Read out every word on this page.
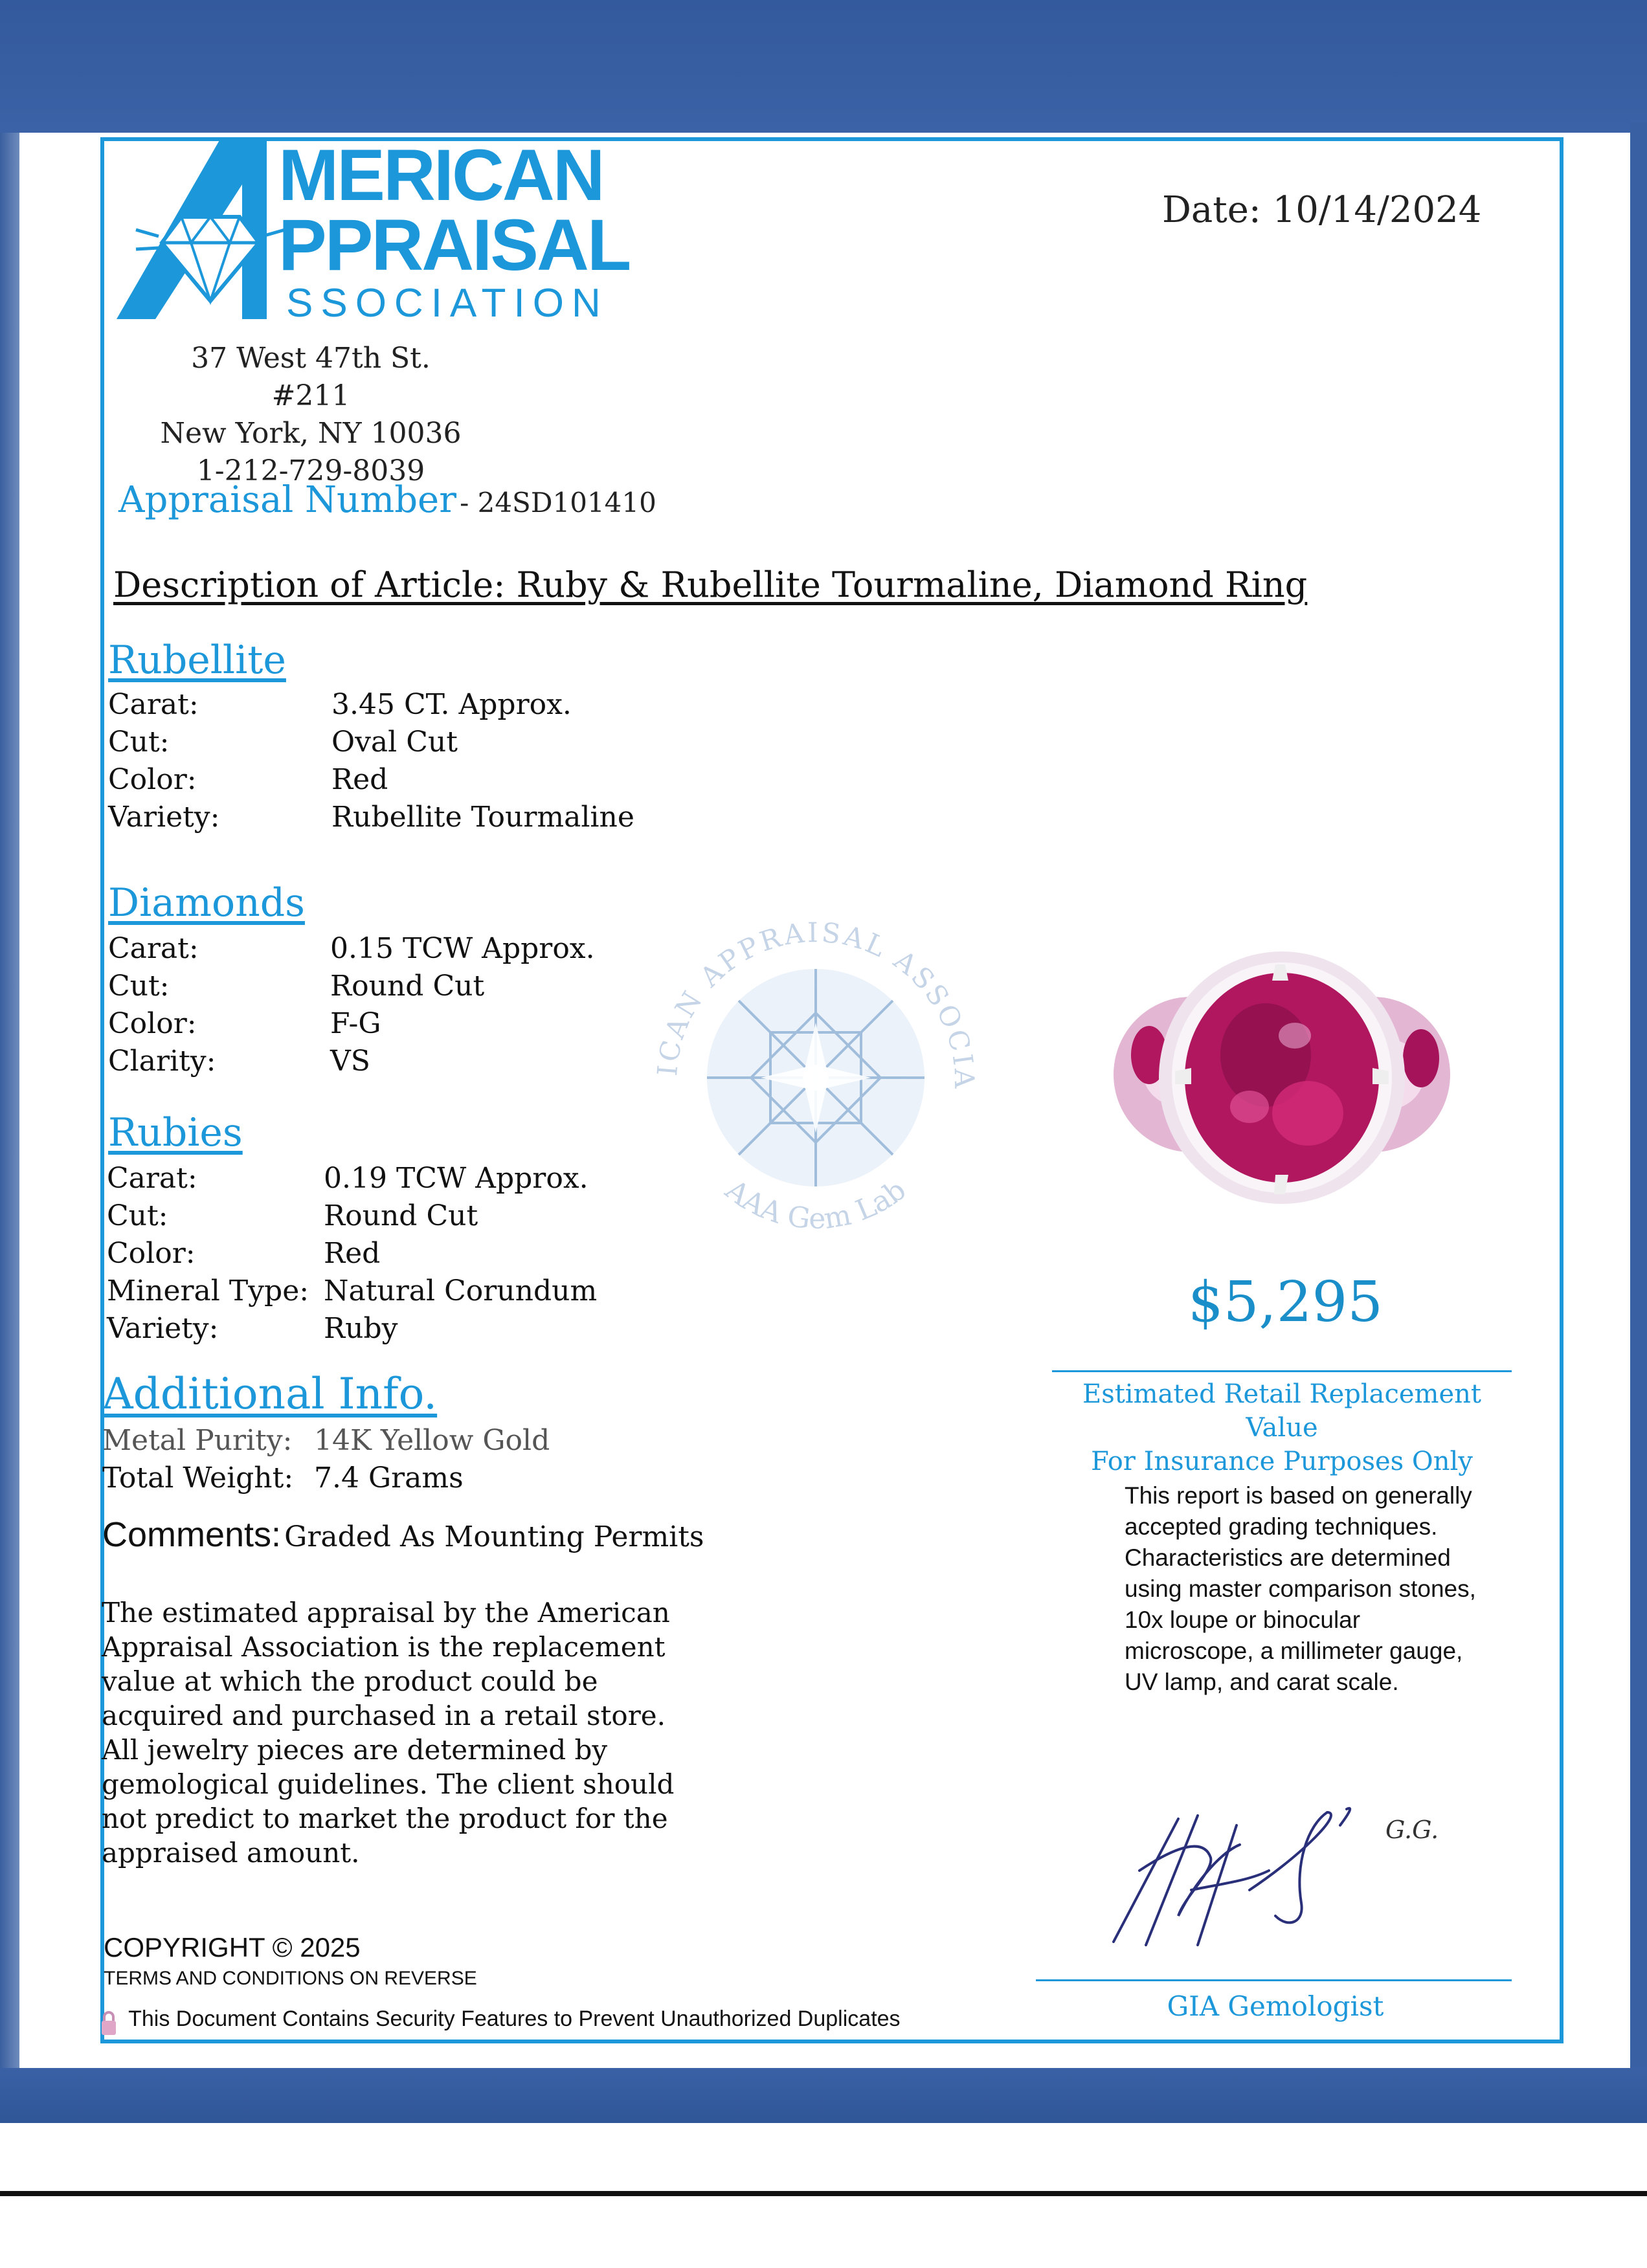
MERICAN
PPRAISAL
SSOCIATION
Date: 10/14/2024
37 West 47th St. #211
New York, NY 10036
1-212-729-8039
Appraisal Number - 24SD101410
Description of Article: Ruby & Rubellite Tourmaline, Diamond Ring
Rubellite
Carat:	3.45 CT. Approx.
Cut:	Oval Cut
Color:	Red
Variety:	Rubellite Tourmaline
Diamonds
Carat:	0.15 TCW Approx.
Cut:	Round Cut
Color:	F-G
Clarity:	VS
Rubies
Carat:	0.19 TCW Approx.
Cut:	Round Cut
Color:	Red
Mineral Type: Natural Corundum
Variety:	Ruby
Additional Info.
Metal Purity: 14K Yellow Gold
Total Weight: 7.4 Grams
Comments: Graded As Mounting Permits
The estimated appraisal by the American Appraisal Association is the replacement value at which the product could be acquired and purchased in a retail store. All jewelry pieces are determined by gemological guidelines. The client should not predict to market the product for the appraised amount.
ICAN APPRAISAL ASSOCIA
AAA Gem Lab
$5,295
Estimated Retail Replacement Value
For Insurance Purposes Only
This report is based on generally accepted grading techniques. Characteristics are determined using master comparison stones, 10x loupe or binocular microscope, a millimeter gauge, UV lamp, and carat scale.
G.G.
GIA Gemologist
COPYRIGHT © 2025
TERMS AND CONDITIONS ON REVERSE
This Document Contains Security Features to Prevent Unauthorized Duplicates
